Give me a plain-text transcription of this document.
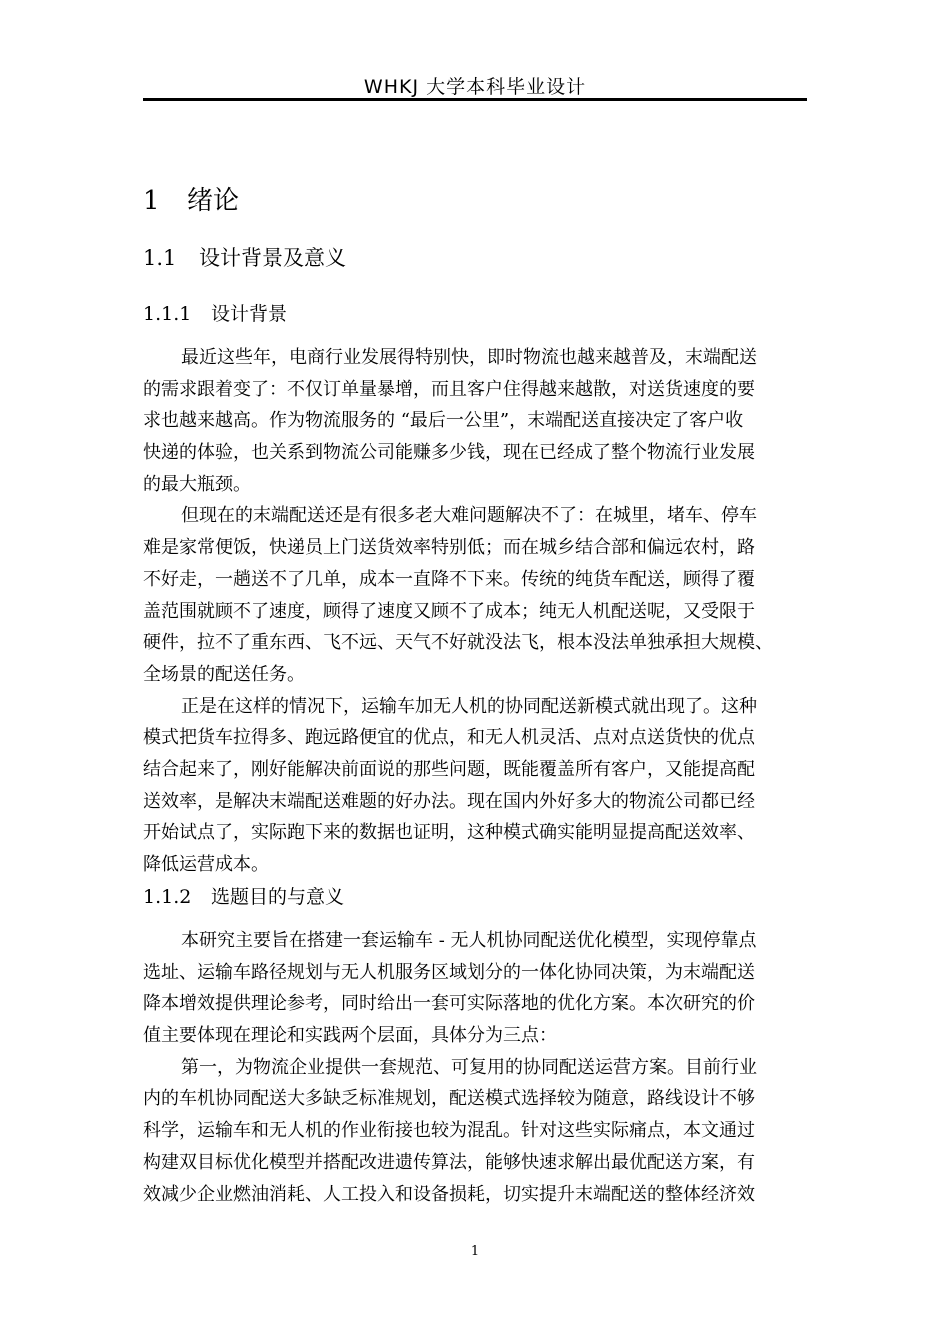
WHKJ 大学本科毕业设计
1 绪论
1.1 设计背景及意义
1.1.1 设计背景
最近这些年，电商行业发展得特别快，即时物流也越来越普及，末端配送
的需求跟着变了：不仅订单量暴增，而且客户住得越来越散，对送货速度的要
求也越来越高。作为物流服务的 “最后一公里”，末端配送直接决定了客户收
快递的体验，也关系到物流公司能赚多少钱，现在已经成了整个物流行业发展
的最大瓶颈。
但现在的末端配送还是有很多老大难问题解决不了：在城里，堵车、停车
难是家常便饭，快递员上门送货效率特别低；而在城乡结合部和偏远农村，路
不好走，一趟送不了几单，成本一直降不下来。传统的纯货车配送，顾得了覆
盖范围就顾不了速度，顾得了速度又顾不了成本；纯无人机配送呢，又受限于
硬件，拉不了重东西、飞不远、天气不好就没法飞，根本没法单独承担大规模、
全场景的配送任务。
正是在这样的情况下，运输车加无人机的协同配送新模式就出现了。这种
模式把货车拉得多、跑远路便宜的优点，和无人机灵活、点对点送货快的优点
结合起来了，刚好能解决前面说的那些问题，既能覆盖所有客户，又能提高配
送效率，是解决末端配送难题的好办法。现在国内外好多大的物流公司都已经
开始试点了，实际跑下来的数据也证明，这种模式确实能明显提高配送效率、
降低运营成本。
1.1.2 选题目的与意义
本研究主要旨在搭建一套运输车 - 无人机协同配送优化模型，实现停靠点
选址、运输车路径规划与无人机服务区域划分的一体化协同决策，为末端配送
降本增效提供理论参考，同时给出一套可实际落地的优化方案。本次研究的价
值主要体现在理论和实践两个层面，具体分为三点：
第一，为物流企业提供一套规范、可复用的协同配送运营方案。目前行业
内的车机协同配送大多缺乏标准规划，配送模式选择较为随意，路线设计不够
科学，运输车和无人机的作业衔接也较为混乱。针对这些实际痛点，本文通过
构建双目标优化模型并搭配改进遗传算法，能够快速求解出最优配送方案，有
效减少企业燃油消耗、人工投入和设备损耗，切实提升末端配送的整体经济效
1
